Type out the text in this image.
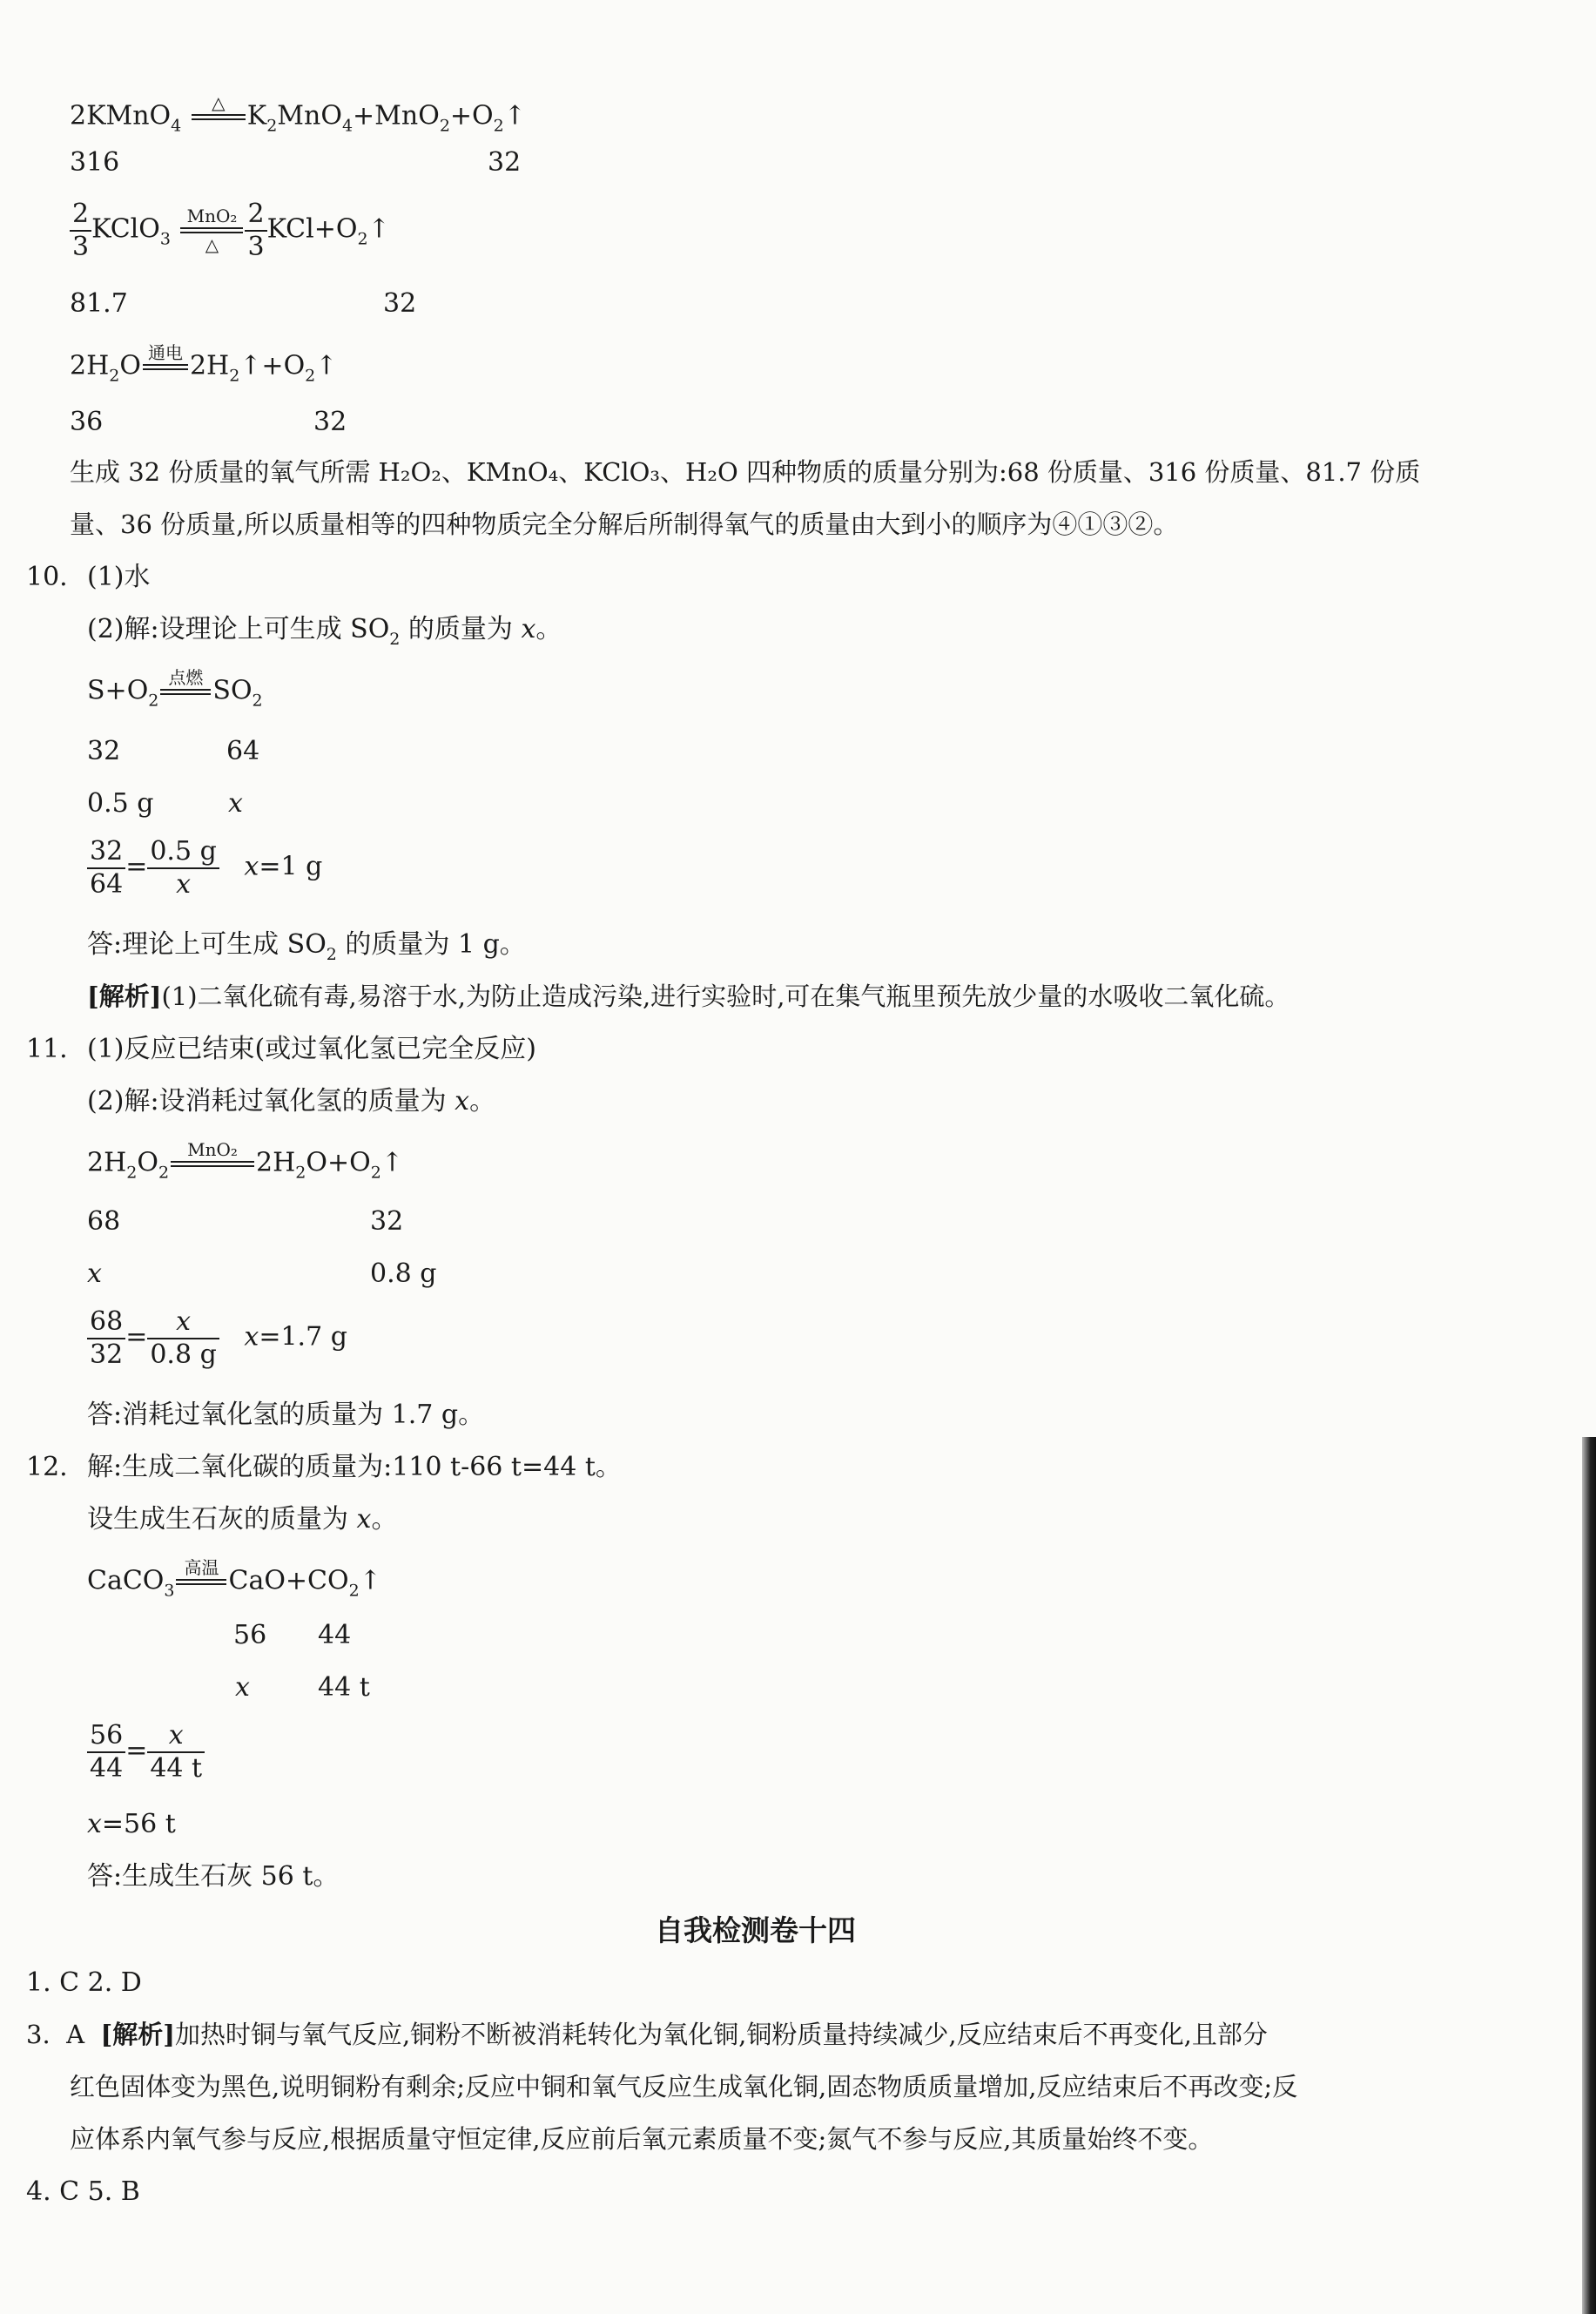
2KMnO$_4$
△
$K_2MnO_4+MnO_2+O_2↑$
316	32
$\frac{2}{3}$ KClO$_3$
MnO₂
△	$\frac{2}{3}$ $KCl+O_2↑$
81.7	32
$2H_2O$ 通电
$2H_2↑+O_2↑$
36	32
生成 32 份质量的氧气所需 H₂O₂、KMnO₄、KClO₃、H₂O 四种物质的质量分别为:68 份质量、316 份质量、81.7 份质
量、36 份质量,所以质量相等的四种物质完全分解后所制得氧气的质量由大到小的顺序为④①③②。
10. (1)水
(2)解:设理论上可生成 $SO_2$ 的质量为 x。
$S+O_2$
点燃
$SO_2$
32	64
0.5 g	x
$\frac{32}{64} = \frac{0.5 g}{x} x=1$ g
答:理论上可生成 $SO_2$ 的质量为 1 g。
[解析](1)二氧化硫有毒,易溶于水,为防止造成污染,进行实验时,可在集气瓶里预先放少量的水吸收二氧化硫。
11. (1)反应已结束(或过氧化氢已完全反应)
(2)解:设消耗过氧化氢的质量为 x。
$2H_2O_2$
MnO₂
$2H_2O+O_2↑$
68	32
x	0.8 g
$\frac{68}{32} = \frac{x}{0.8 g} x=1.7$ g
答:消耗过氧化氢的质量为 1.7 g。
12. 解:生成二氧化碳的质量为:110 t-66 t=44 t。
设生成生石灰的质量为 x。
CaCO$_3$
高温
$CaO+CO_2↑$
56 44
x	44 t
$\frac{56}{44} = \frac{x}{44 t}$
x=56 t
答:生成生石灰 56 t。
自我检测卷十四
1. C 2. D
3. A [解析]加热时铜与氧气反应,铜粉不断被消耗转化为氧化铜,铜粉质量持续减少,反应结束后不再变化,且部分
红色固体变为黑色,说明铜粉有剩余;反应中铜和氧气反应生成氧化铜,固态物质质量增加,反应结束后不再改变;反
应体系内氧气参与反应,根据质量守恒定律,反应前后氧元素质量不变;氮气不参与反应,其质量始终不变。
4. C 5. B
